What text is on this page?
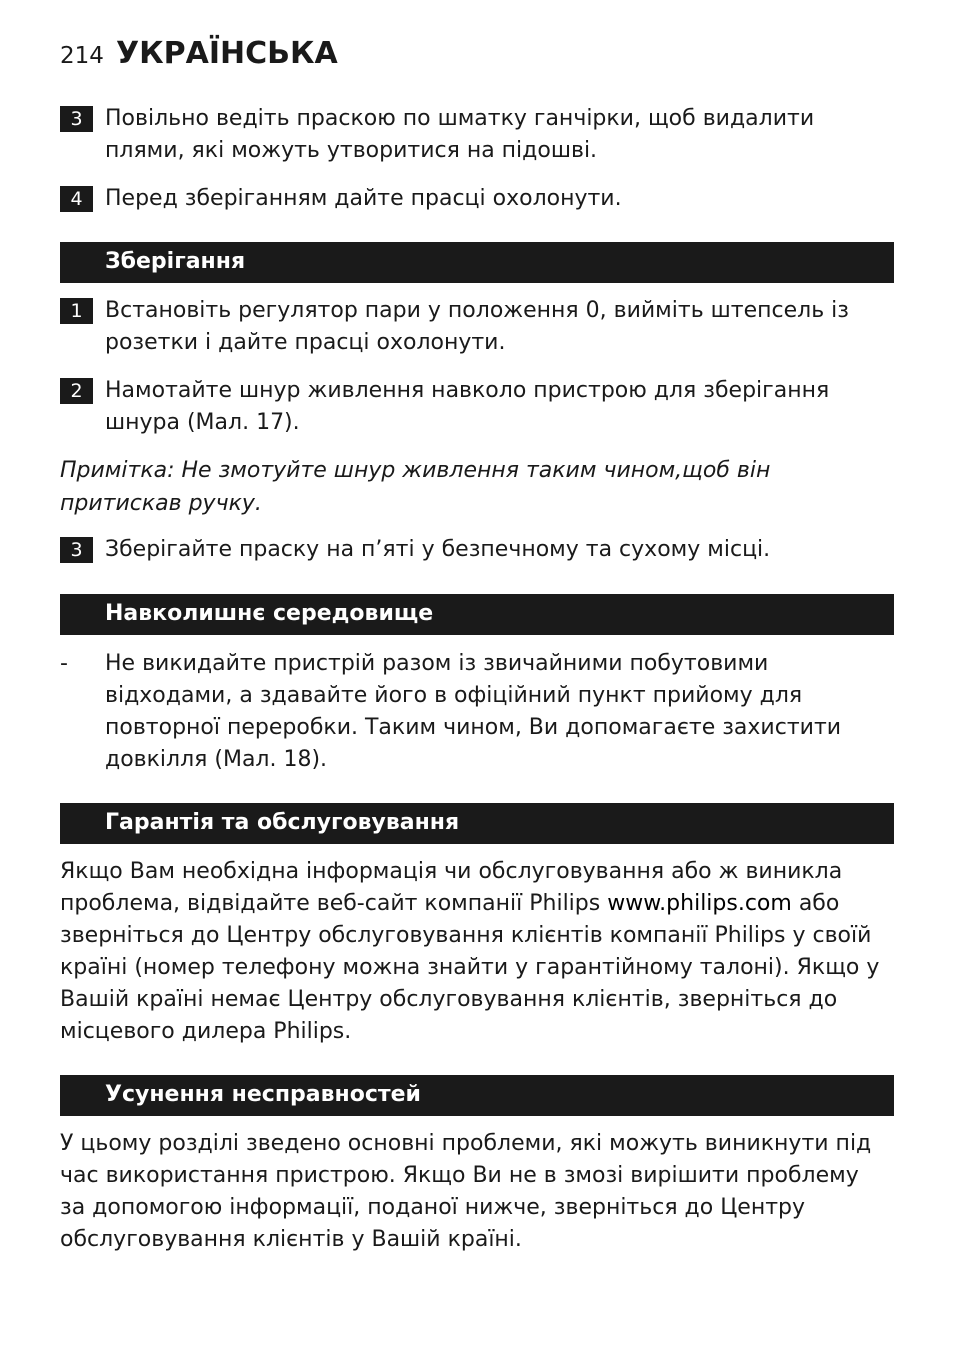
214 УКРАЇНСЬКА
3	Повільно ведіть праскою по шматку ганчірки, щоб видалити
плями, які можуть утворитися на підошві.
4	Перед зберіганням дайте прасці охолонути.
Зберігання
1	Встановіть регулятор пари у положення 0, вийміть штепсель із
розетки і дайте прасці охолонути.
2	Намотайте шнур живлення навколо пристрою для зберігання
шнура (Мал. 17).
Примітка: Не змотуйте шнур живлення таким чином,щоб він
притискав ручку.
3	Зберігайте праску на п’яті у безпечному та сухому місці.
Навколишнє середовище
- Не викидайте пристрій разом із звичайними побутовими
відходами, а здавайте його в офіційний пункт прийому для
повторної переробки. Таким чином, Ви допомагаєте захистити
довкілля (Мал. 18).
Гарантія та обслуговування
Якщо Вам необхідна інформація чи обслуговування або ж виникла
проблема, відвідайте веб-сайт компанії Philips www.philips.com або
зверніться до Центру обслуговування клієнтів компанії Philips у своїй
країні (номер телефону можна знайти у гарантійному талоні). Якщо у
Вашій країні немає Центру обслуговування клієнтів, зверніться до
місцевого дилера Philips.
Усунення несправностей
У цьому розділі зведено основні проблеми, які можуть виникнути під
час використання пристрою. Якщо Ви не в змозі вирішити проблему
за допомогою інформації, поданої нижче, зверніться до Центру
обслуговування клієнтів у Вашій країні.
